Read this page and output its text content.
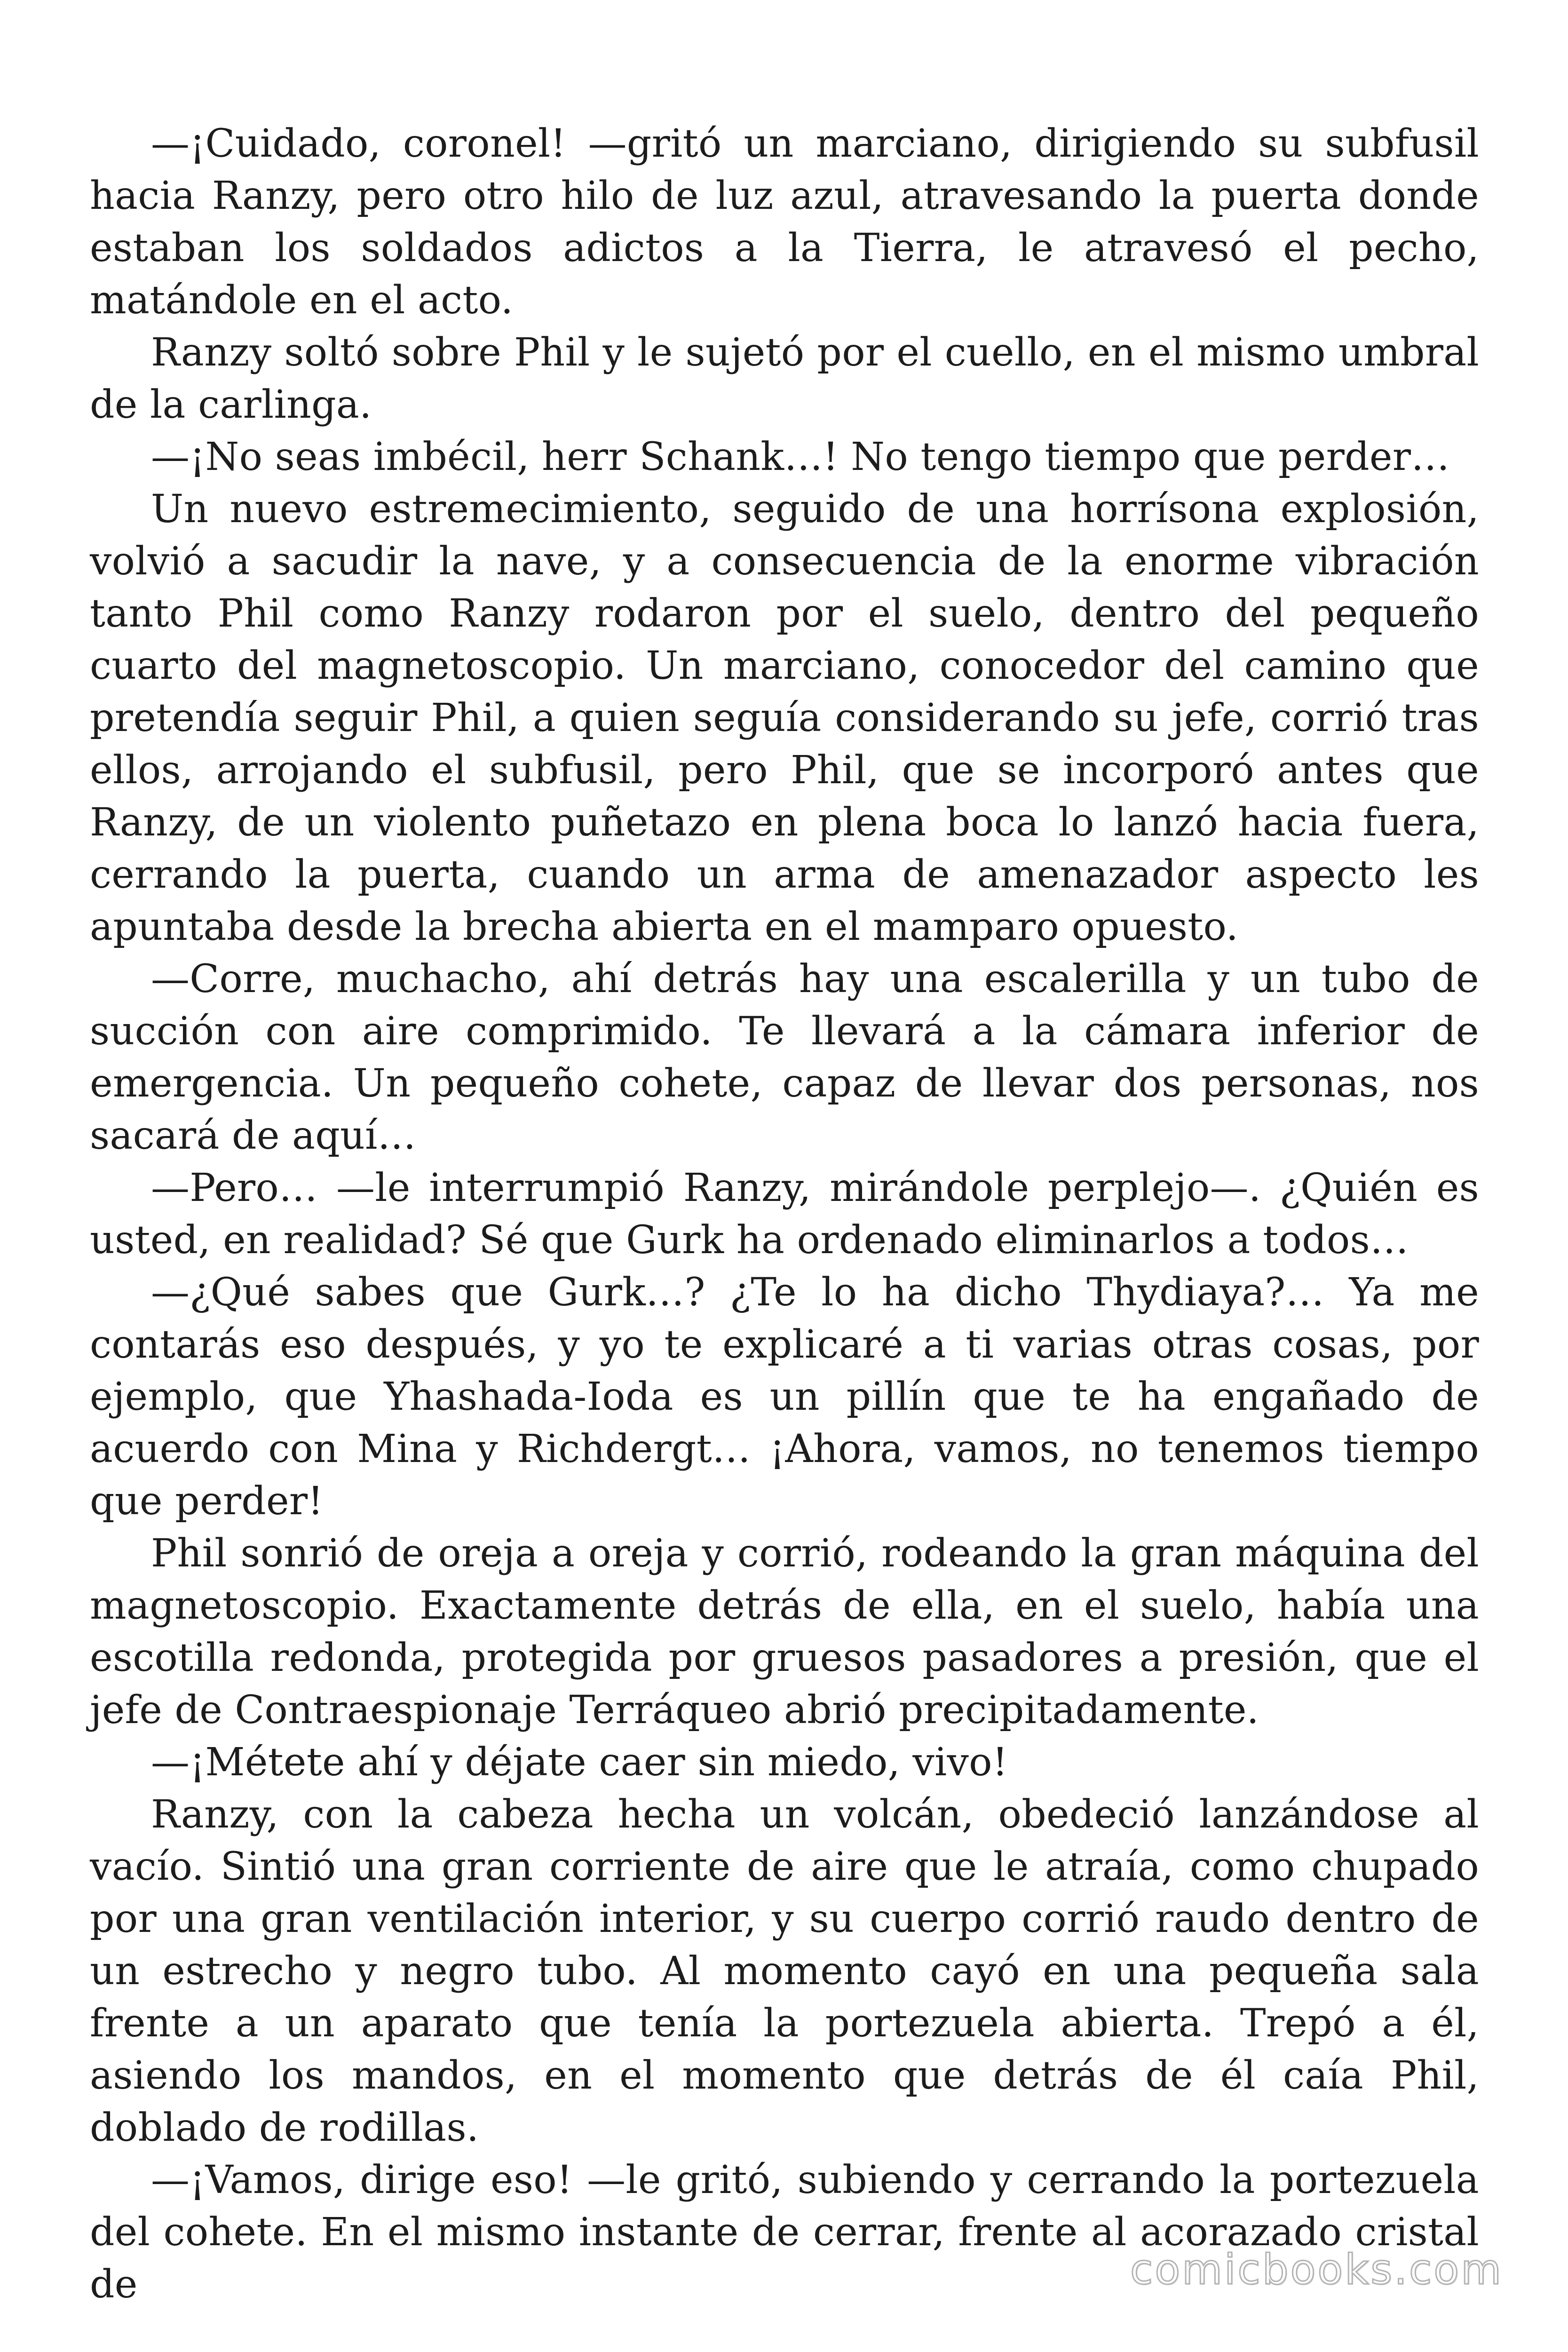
—¡Cuidado, coronel! —gritó un marciano, dirigiendo su subfusil hacia Ranzy, pero otro hilo de luz azul, atravesando la puerta donde estaban los soldados adictos a la Tierra, le atravesó el pecho, matándole en el acto.

Ranzy soltó sobre Phil y le sujetó por el cuello, en el mismo umbral de la carlinga.

—¡No seas imbécil, herr Schank…! No tengo tiempo que perder…

Un nuevo estremecimiento, seguido de una horrísona explosión, volvió a sacudir la nave, y a consecuencia de la enorme vibración tanto Phil como Ranzy rodaron por el suelo, dentro del pequeño cuarto del magnetoscopio. Un marciano, conocedor del camino que pretendía seguir Phil, a quien seguía considerando su jefe, corrió tras ellos, arrojando el subfusil, pero Phil, que se incorporó antes que Ranzy, de un violento puñetazo en plena boca lo lanzó hacia fuera, cerrando la puerta, cuando un arma de amenazador aspecto les apuntaba desde la brecha abierta en el mamparo opuesto.

—Corre, muchacho, ahí detrás hay una escalerilla y un tubo de succión con aire comprimido. Te llevará a la cámara inferior de emergencia. Un pequeño cohete, capaz de llevar dos personas, nos sacará de aquí…

—Pero… —le interrumpió Ranzy, mirándole perplejo—. ¿Quién es usted, en realidad? Sé que Gurk ha ordenado eliminarlos a todos…

—¿Qué sabes que Gurk…? ¿Te lo ha dicho Thydiaya?… Ya me contarás eso después, y yo te explicaré a ti varias otras cosas, por ejemplo, que Yhashada-Ioda es un pillín que te ha engañado de acuerdo con Mina y Richdergt… ¡Ahora, vamos, no tenemos tiempo que perder!

Phil sonrió de oreja a oreja y corrió, rodeando la gran máquina del magnetoscopio. Exactamente detrás de ella, en el suelo, había una escotilla redonda, protegida por gruesos pasadores a presión, que el jefe de Contraespionaje Terráqueo abrió precipitadamente.

—¡Métete ahí y déjate caer sin miedo, vivo!

Ranzy, con la cabeza hecha un volcán, obedeció lanzándose al vacío. Sintió una gran corriente de aire que le atraía, como chupado por una gran ventilación interior, y su cuerpo corrió raudo dentro de un estrecho y negro tubo. Al momento cayó en una pequeña sala frente a un aparato que tenía la portezuela abierta. Trepó a él, asiendo los mandos, en el momento que detrás de él caía Phil, doblado de rodillas.

—¡Vamos, dirige eso! —le gritó, subiendo y cerrando la portezuela del cohete. En el mismo instante de cerrar, frente al acorazado cristal de	comicbooks.com
